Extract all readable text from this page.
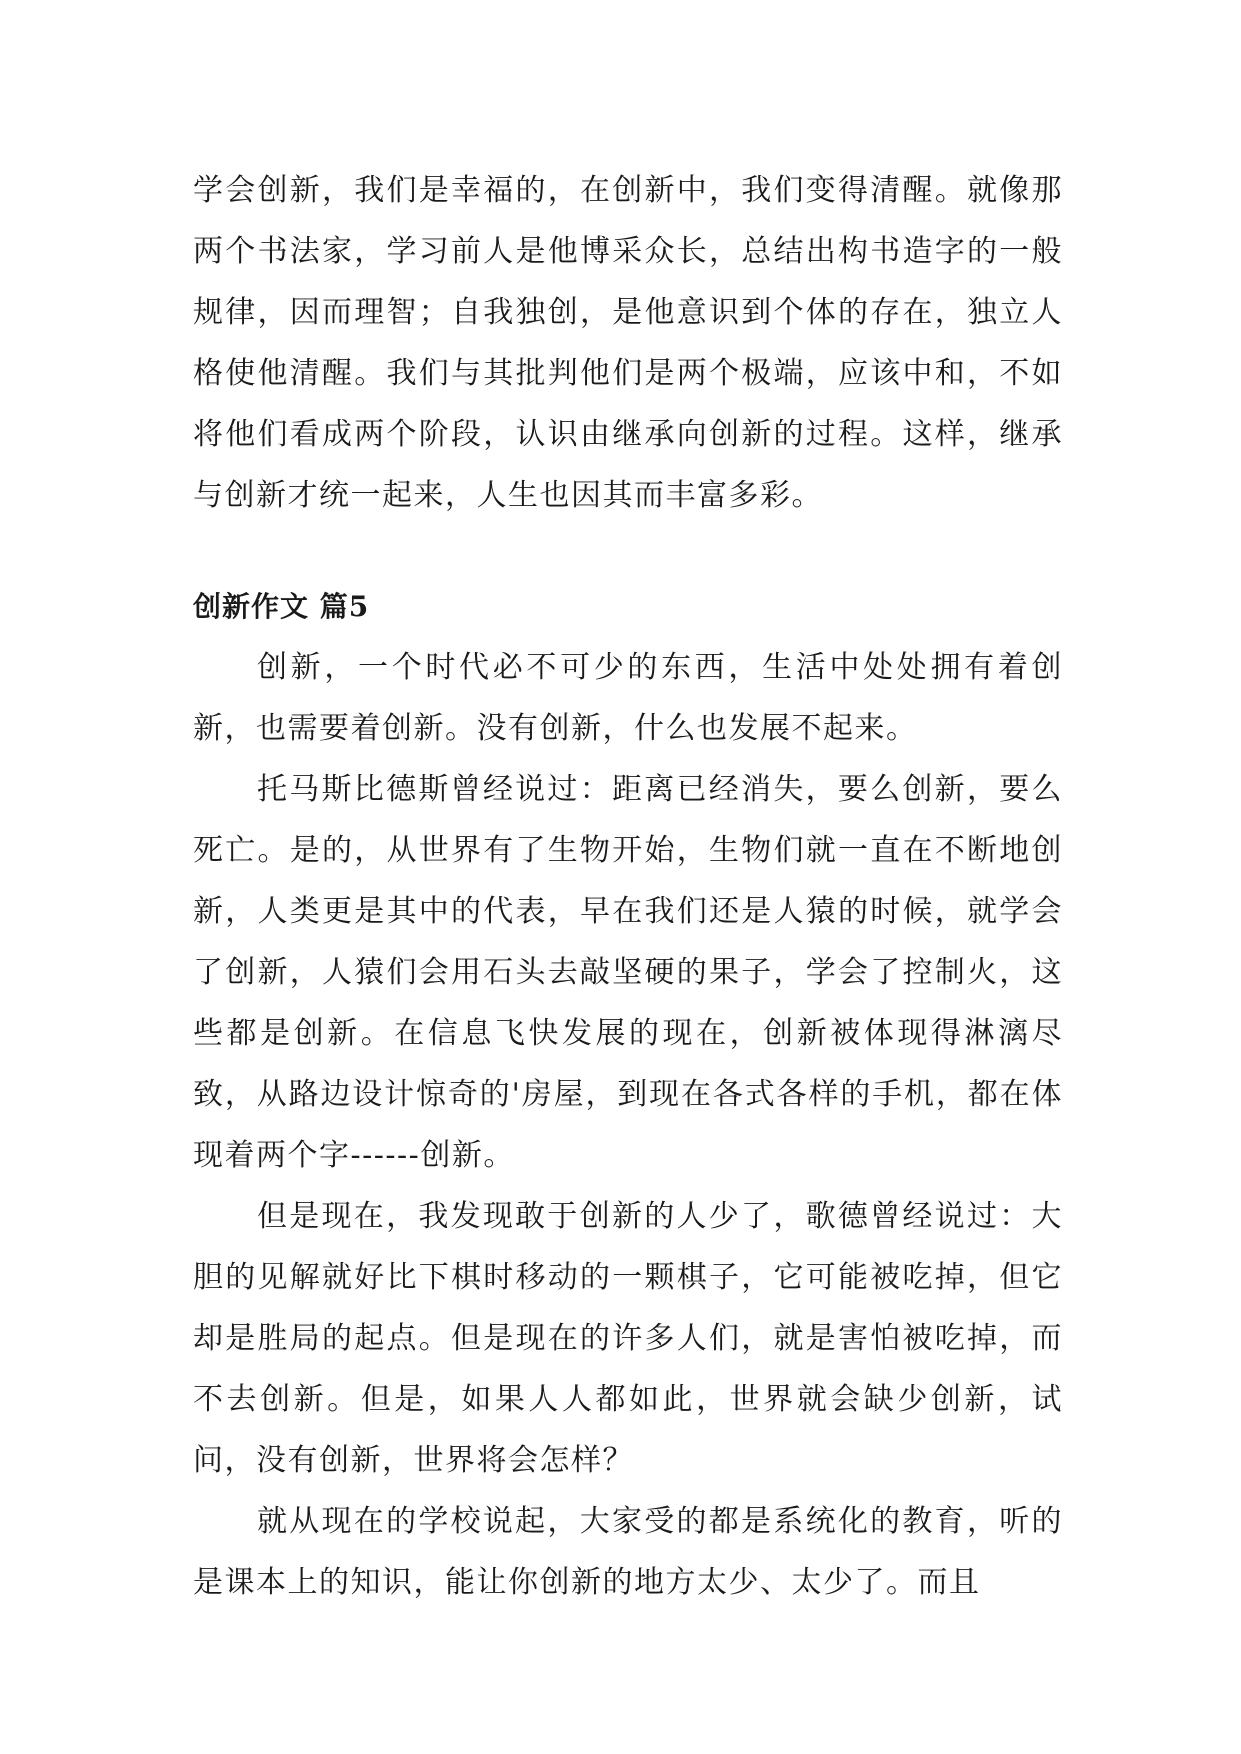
学会创新，我们是幸福的，在创新中，我们变得清醒。就像那两个书法家，学习前人是他博采众长，总结出构书造字的一般规律，因而理智；自我独创，是他意识到个体的存在，独立人格使他清醒。我们与其批判他们是两个极端，应该中和，不如将他们看成两个阶段，认识由继承向创新的过程。这样，继承与创新才统一起来，人生也因其而丰富多彩。

创新作文 篇5

创新，一个时代必不可少的东西，生活中处处拥有着创新，也需要着创新。没有创新，什么也发展不起来。

托马斯比德斯曾经说过：距离已经消失，要么创新，要么死亡。是的，从世界有了生物开始，生物们就一直在不断地创新，人类更是其中的代表，早在我们还是人猿的时候，就学会了创新，人猿们会用石头去敲坚硬的果子，学会了控制火，这些都是创新。在信息飞快发展的现在，创新被体现得淋漓尽致，从路边设计惊奇的'房屋，到现在各式各样的手机，都在体现着两个字------创新。

但是现在，我发现敢于创新的人少了，歌德曾经说过：大胆的见解就好比下棋时移动的一颗棋子，它可能被吃掉，但它却是胜局的起点。但是现在的许多人们，就是害怕被吃掉，而不去创新。但是，如果人人都如此，世界就会缺少创新，试问，没有创新，世界将会怎样？

就从现在的学校说起，大家受的都是系统化的教育，听的是课本上的知识，能让你创新的地方太少、太少了。而且
